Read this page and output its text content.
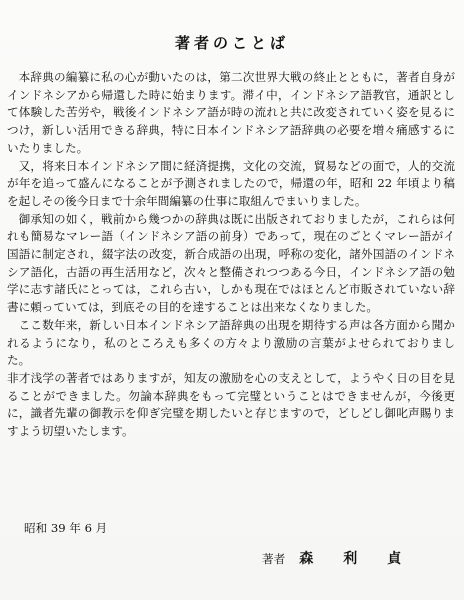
著者のことば

本辞典の編纂に私の心が動いたのは，第二次世界大戦の終止とともに，著者自身がインドネシアから帰還した時に始まります。滞イ中，インドネシア語教官，通訳として体験した苦労や，戦後インドネシア語が時の流れと共に改変されていく姿を見るにつけ，新しい活用できる辞典，特に日本インドネシア語辞典の必要を増々痛感するにいたりました。

又，将来日本インドネシア間に経済提携，文化の交流，貿易などの面で，人的交流が年を追って盛んになることが予測されましたので，帰還の年，昭和 22 年頃より稿を起しその後今日まで十余年間編纂の仕事に取組んでまいりました。

御承知の如く，戦前から幾つかの辞典は既に出版されておりましたが，これらは何れも簡易なマレー語（インドネシア語の前身）であって，現在のごとくマレー語がイ国語に制定され，綴字法の改変，新合成語の出現，呼称の変化，諸外国語のインドネシア語化，古語の再生活用など，次々と整備されつつある今日，インドネシア語の勉学に志す諸氏にとっては，これら古い，しかも現在ではほとんど市販されていない辞書に頼っていては，到底その目的を達することは出来なくなりました。

ここ数年来，新しい日本インドネシア語辞典の出現を期待する声は各方面から聞かれるようになり，私のところえも多くの方々より激励の言葉がよせられておりました。

非才浅学の著者ではありますが，知友の激励を心の支えとして，ようやく日の目を見ることができました。勿論本辞典をもって完璧ということはできませんが，今後更に，識者先輩の御教示を仰ぎ完璧を期したいと存じますので，どしどし御叱声賜りますよう切望いたします。

昭和 39 年 6 月
著者 森利貞
